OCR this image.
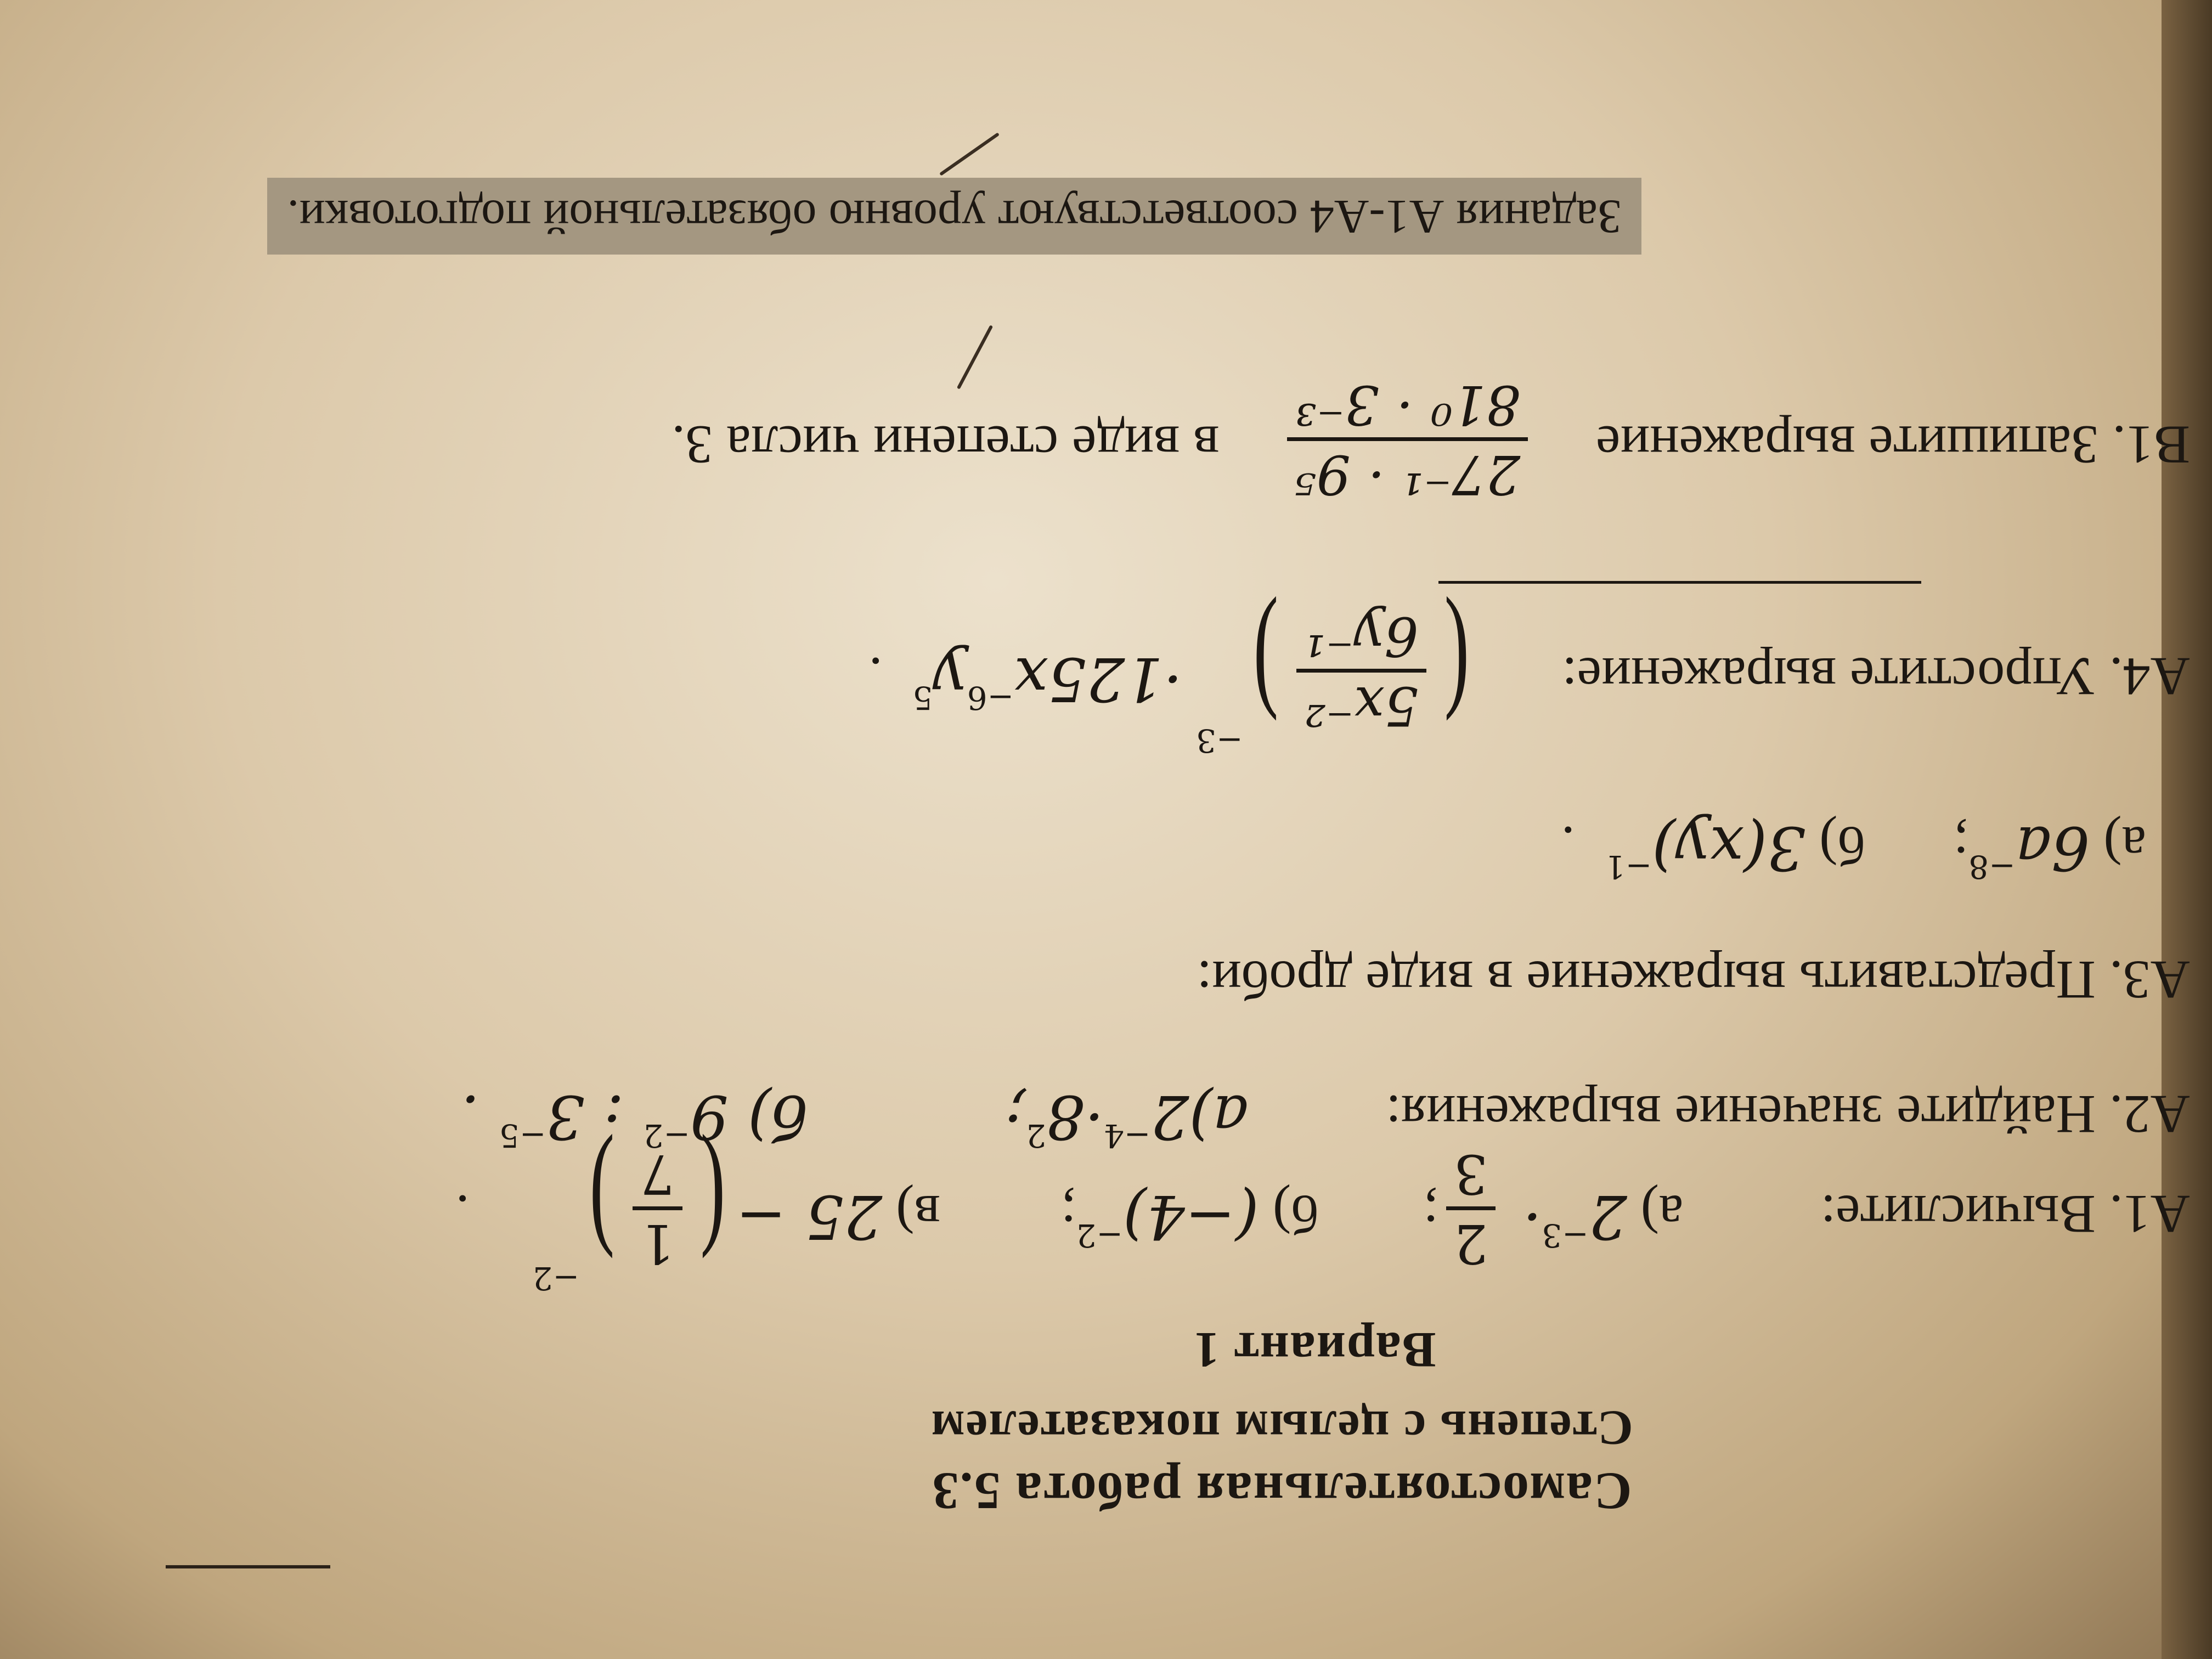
Самостоятельная работа 5.3
Степень с целым показателем
Вариант 1
А1. Вычислите:  а) $2^{-3}\cdot$
2
3
;  б) $(-4)^{-2}$;  в) 25 −(
1
7
)$^{-2}$ .
А2. Найдите значение выражения:  $а)2^{-4}\cdot 8^2$;  б) $9^{-2}$ : $3^{-5}$ .
А3. Представить выражение в виде дроби:
а) $6a^{-8}$;  б) 3(xy)$^{-1}$ .
А4. Упростите выражение:  (
5x⁻²
6y⁻¹
)$^{-3} \cdot 125x^{-6}y^5$ .
В1. Запишите выражение
27⁻¹ · 9⁵
81⁰ · 3⁻³
в виде степени числа 3.
Задания А1-А4 соответствуют уровню обязательной подготовки.
